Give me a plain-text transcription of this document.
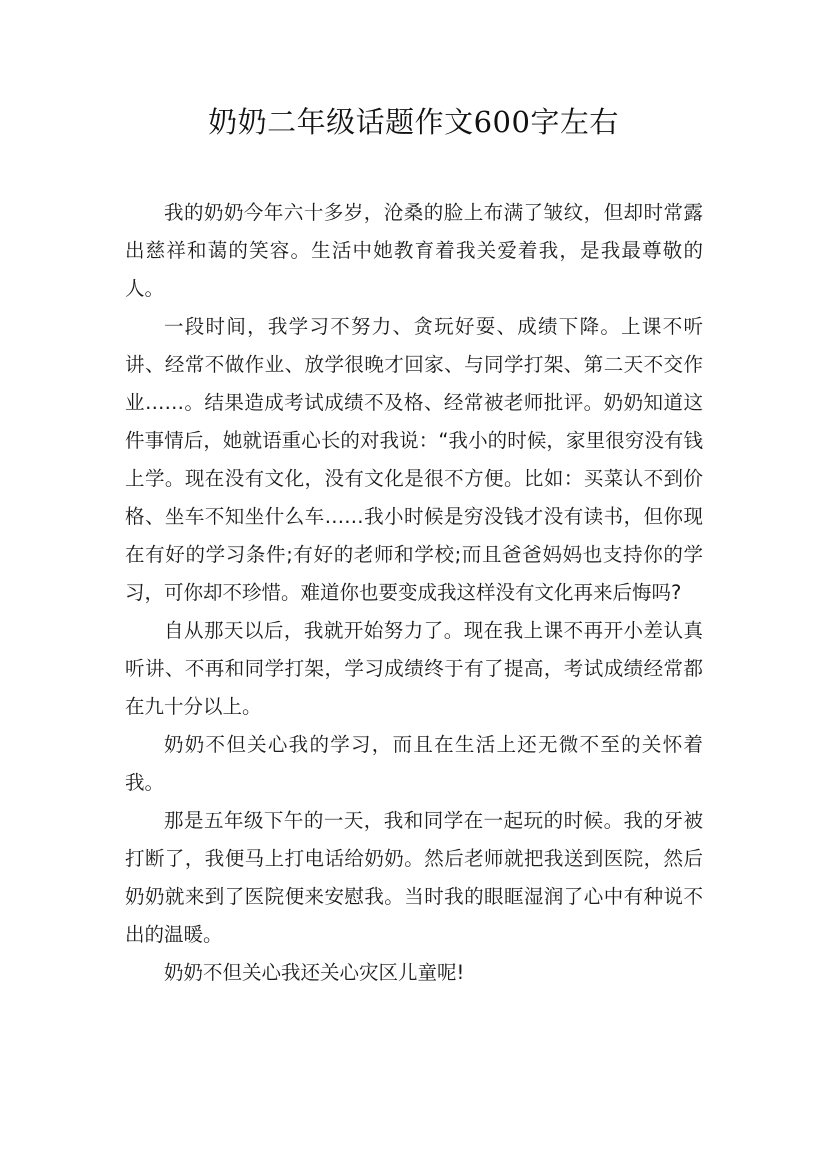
奶奶二年级话题作文600字左右

我的奶奶今年六十多岁，沧桑的脸上布满了皱纹，但却时常露出慈祥和蔼的笑容。生活中她教育着我关爱着我，是我最尊敬的人。

一段时间，我学习不努力、贪玩好耍、成绩下降。上课不听讲、经常不做作业、放学很晚才回家、与同学打架、第二天不交作业……。结果造成考试成绩不及格、经常被老师批评。奶奶知道这件事情后，她就语重心长的对我说：“我小的时候，家里很穷没有钱上学。现在没有文化，没有文化是很不方便。比如：买菜认不到价格、坐车不知坐什么车……我小时候是穷没钱才没有读书，但你现在有好的学习条件;有好的老师和学校;而且爸爸妈妈也支持你的学习，可你却不珍惜。难道你也要变成我这样没有文化再来后悔吗?

自从那天以后，我就开始努力了。现在我上课不再开小差认真听讲、不再和同学打架，学习成绩终于有了提高，考试成绩经常都在九十分以上。

奶奶不但关心我的学习，而且在生活上还无微不至的关怀着我。

那是五年级下午的一天，我和同学在一起玩的时候。我的牙被打断了，我便马上打电话给奶奶。然后老师就把我送到医院，然后奶奶就来到了医院便来安慰我。当时我的眼眶湿润了心中有种说不出的温暖。

奶奶不但关心我还关心灾区儿童呢!
